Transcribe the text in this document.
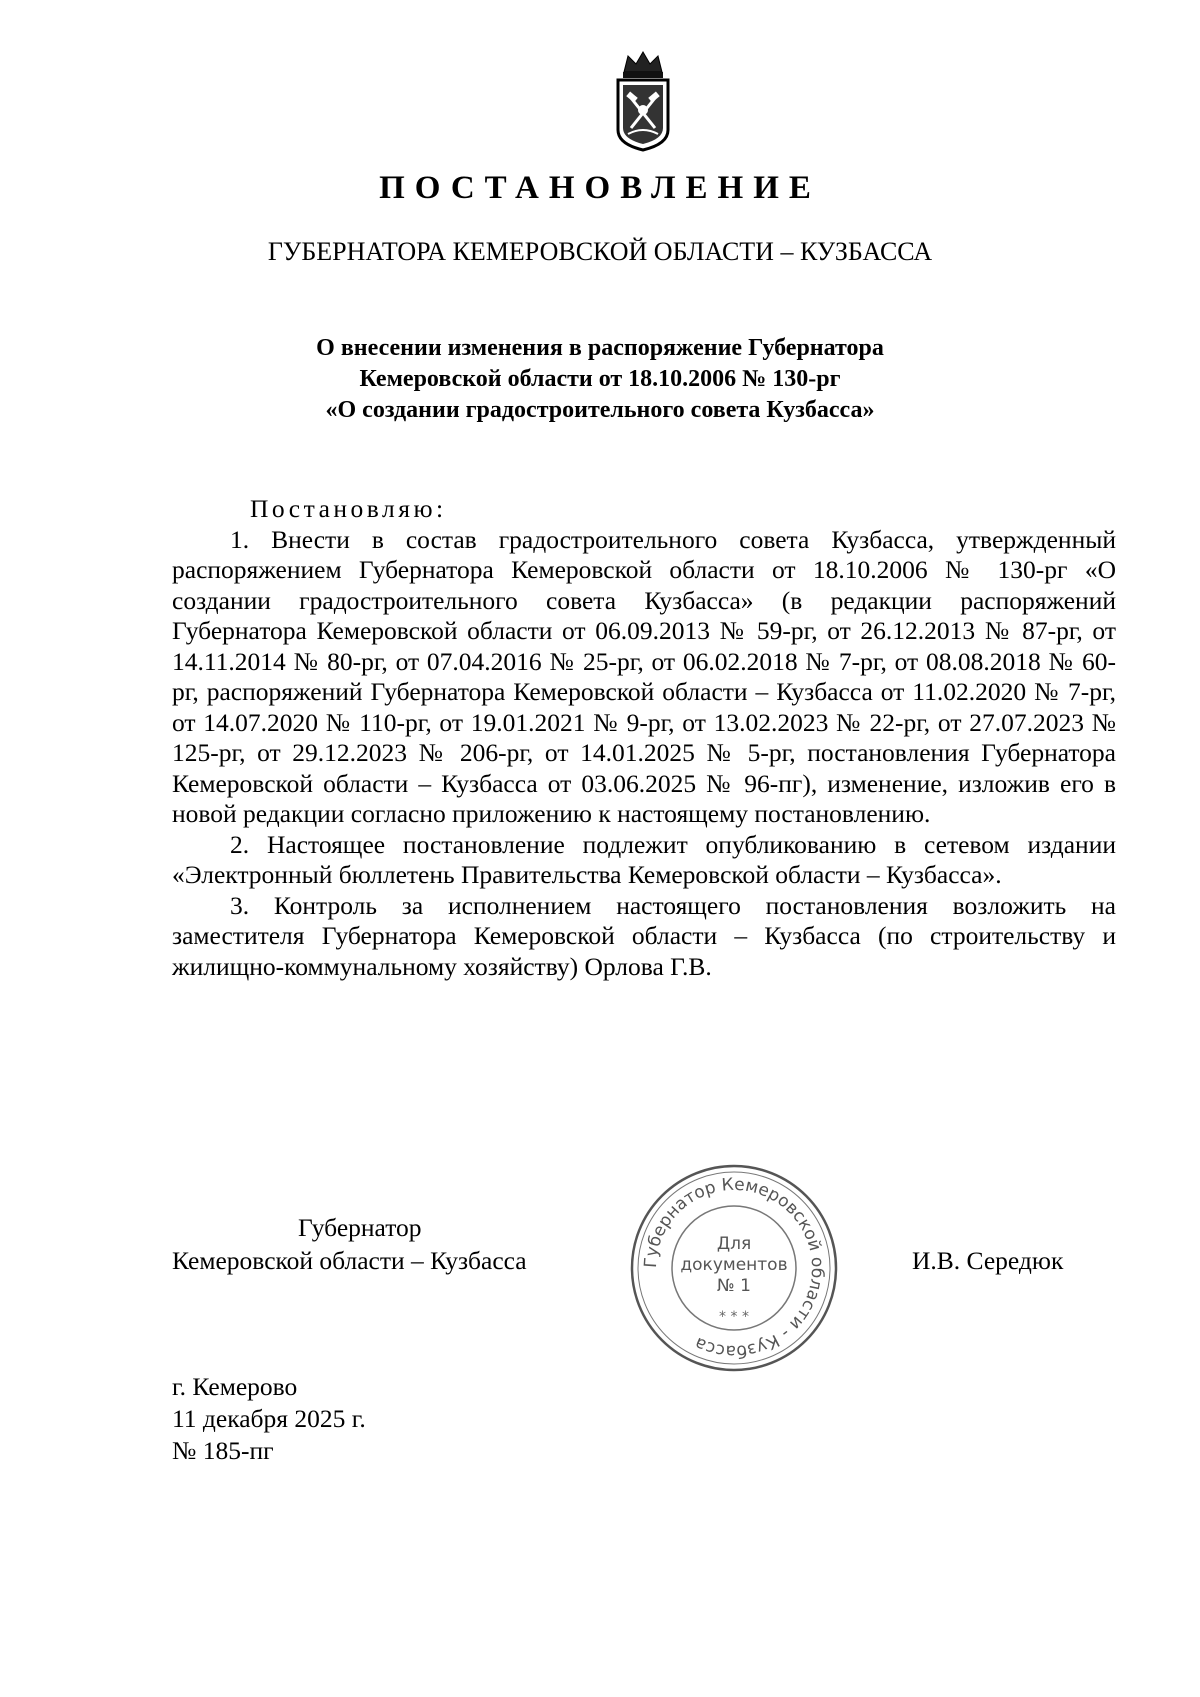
ПОСТАНОВЛЕНИЕ
ГУБЕРНАТОРА КЕМЕРОВСКОЙ ОБЛАСТИ – КУЗБАССА
О внесении изменения в распоряжение Губернатора
Кемеровской области от 18.10.2006 № 130-рг
«О создании градостроительного совета Кузбасса»

Постановляю:

1. Внести в состав градостроительного совета Кузбасса, утвержденный распоряжением Губернатора Кемеровской области от 18.10.2006 № 130-рг «О создании градостроительного совета Кузбасса» (в редакции распоряжений Губернатора Кемеровской области от 06.09.2013 № 59-рг, от 26.12.2013 № 87-рг, от 14.11.2014 № 80-рг, от 07.04.2016 № 25-рг, от 06.02.2018 № 7-рг, от 08.08.2018 № 60-рг, распоряжений Губернатора Кемеровской области – Кузбасса от 11.02.2020 № 7-рг, от 14.07.2020 № 110-рг, от 19.01.2021 № 9-рг, от 13.02.2023 № 22-рг, от 27.07.2023 № 125-рг, от 29.12.2023 № 206-рг, от 14.01.2025 № 5-рг, постановления Губернатора Кемеровской области – Кузбасса от 03.06.2025 № 96-пг), изменение, изложив его в новой редакции согласно приложению к настоящему постановлению.

2. Настоящее постановление подлежит опубликованию в сетевом издании «Электронный бюллетень Правительства Кемеровской области – Кузбасса».

3. Контроль за исполнением настоящего постановления возложить на заместителя Губернатора Кемеровской области – Кузбасса (по строительству и жилищно-коммунальному хозяйству) Орлова Г.В.

Губернатор
Кемеровской области – Кузбасса	И.В. Середюк
Губернатор Кемеровской области - Кузбасса
Для
документов
№ 1
* * *
г. Кемерово
11 декабря 2025 г.
№ 185-пг
